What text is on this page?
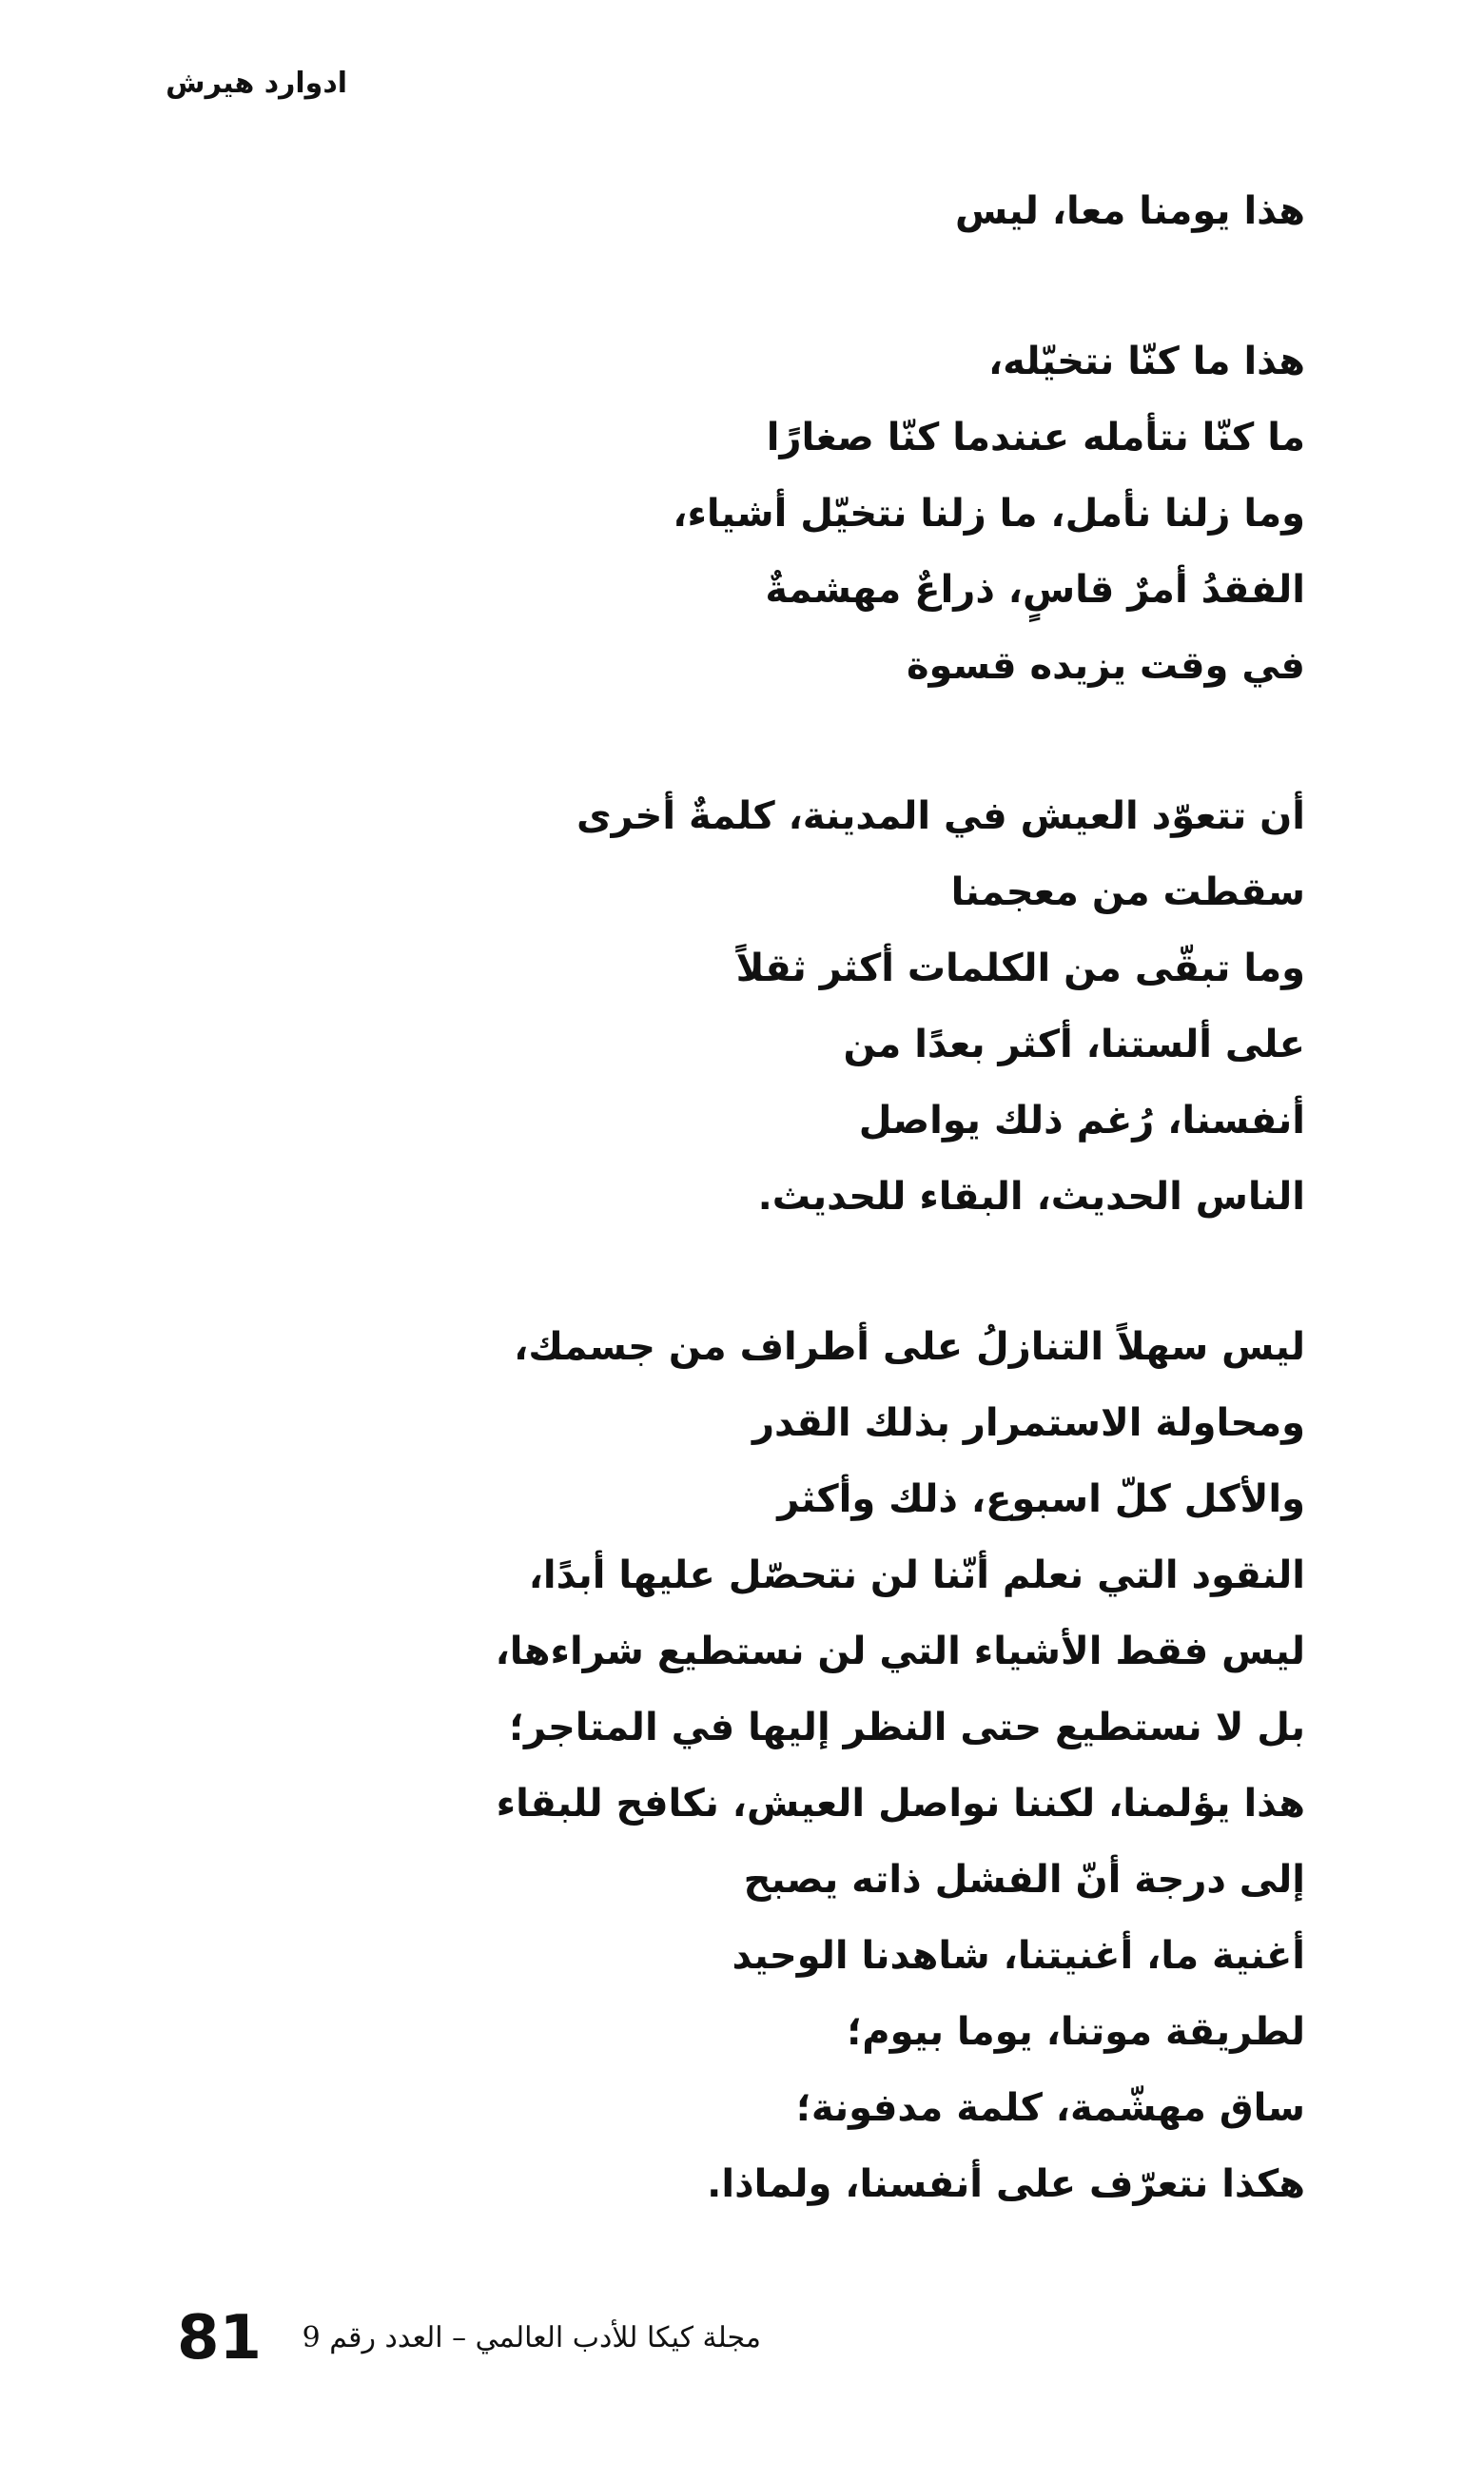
ادوارد هيرش
هذا يومنا معا، ليس
هذا ما كنّا نتخيّله،
ما كنّا نتأمله عنندما كنّا صغارًا
وما زلنا نأمل، ما زلنا نتخيّل أشياء،
الفقدُ أمرٌ قاسٍ، ذراعٌ مهشمةٌ
في وقت يزيده قسوة
أن تتعوّد العيش في المدينة، كلمةٌ أخرى
سقطت من معجمنا
وما تبقّى من الكلمات أكثر ثقلاً
على ألستنا، أكثر بعدًا من
أنفسنا، رُغم ذلك يواصل
الناس الحديث، البقاء للحديث.
ليس سهلاً التنازلُ على أطراف من جسمك،
ومحاولة الاستمرار بذلك القدر
والأكل كلّ اسبوع، ذلك وأكثر
النقود التي نعلم أنّنا لن نتحصّل عليها أبدًا،
ليس فقط الأشياء التي لن نستطيع شراءها،
بل لا نستطيع حتى النظر إليها في المتاجر؛
هذا يؤلمنا، لكننا نواصل العيش، نكافح للبقاء
إلى درجة أنّ الفشل ذاته يصبح
أغنية ما، أغنيتنا، شاهدنا الوحيد
لطريقة موتنا، يوما بيوم؛
ساق مهشّمة، كلمة مدفونة؛
هكذا نتعرّف على أنفسنا، ولماذا.
81 مجلة كيكا للأدب العالمي – العدد رقم 9
